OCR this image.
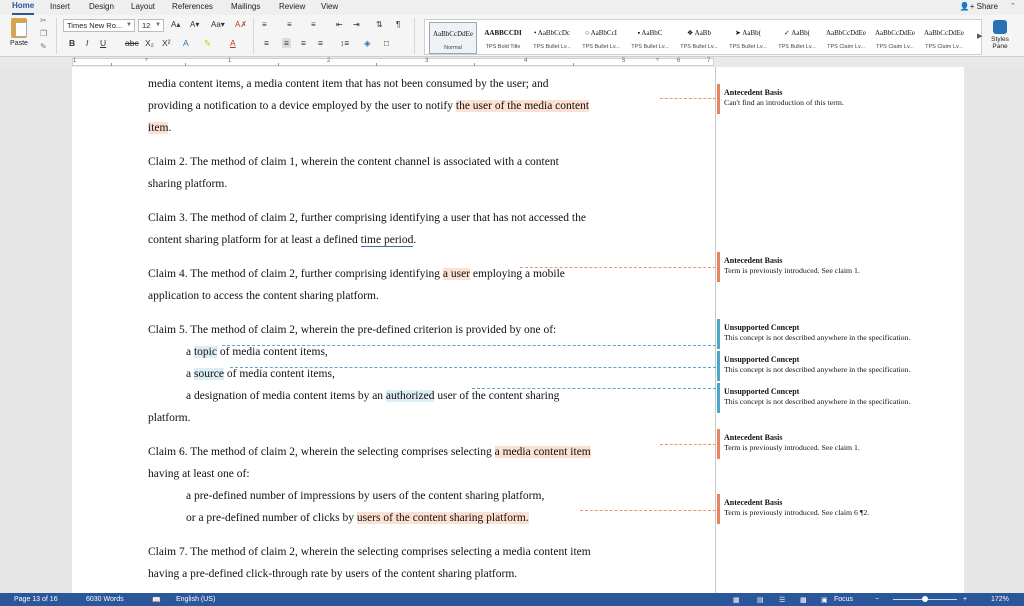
Home Insert Design Layout References Mailings Review View	👤+ Share ⌃
Paste
✂
❐
✎
Times New Ro... ▼	12 ▼ A▴ A▾ Aa▾ A✗
B I U abc X₂ X² A ✎ A
≡	≡ ≡	⇤ ⇥ ⇅ ¶
≡ ≡ ≡ ≡ ↕≡ ◈ □
AaBbCcDdEe
Normal
AABBCCDI
TPS Bold Title
• AaBbCcDc
TPS Bullet Lv...
○ AaBbCcI
TPS Bullet Lv...
▪ AaBbC
TPS Bullet Lv...
❖ AaBb
TPS Bullet Lv...
➤ AaBb(
TPS Bullet Lv...
✓ AaBb(
TPS Bullet Lv...
AaBbCcDdEe
TPS Claim Lv...
AaBbCcDdEe
TPS Claim Lv...
AaBbCcDdEe
TPS Claim Lv...
▶	Styles Pane
1	▿	1	2	3	4	5	6
▿	7
media content items, a media content item that has not been consumed by the user; and
providing a notification to a device employed by the user to notify the user of the media content
item.
Claim 2. The method of claim 1, wherein the content channel is associated with a content
sharing platform.
Claim 3. The method of claim 2, further comprising identifying a user that has not accessed the
content sharing platform for at least a defined time period.
Claim 4. The method of claim 2, further comprising identifying a user employing a mobile
application to access the content sharing platform.
Claim 5. The method of claim 2, wherein the pre-defined criterion is provided by one of:
a topic of media content items,
a source of media content items,
a designation of media content items by an authorized user of the content sharing
platform.
Claim 6. The method of claim 2, wherein the selecting comprises selecting a media content item
having at least one of:
a pre-defined number of impressions by users of the content sharing platform,
or a pre-defined number of clicks by users of the content sharing platform.
Claim 7. The method of claim 2, wherein the selecting comprises selecting a media content item
having a pre-defined click-through rate by users of the content sharing platform.
Antecedent Basis
Can't find an introduction of this term.
Antecedent Basis
Term is previously introduced. See claim 1.
Unsupported Concept
This concept is not described anywhere in the specification.
Unsupported Concept
This concept is not described anywhere in the specification.
Unsupported Concept
This concept is not described anywhere in the specification.
Antecedent Basis
Term is previously introduced. See claim 1.
Antecedent Basis
Term is previously introduced. See claim 6 ¶2.
Page 13 of 16	6030 Words	📖 English (US)	▦ ▤ ☰ ▩ ▣ Focus	−	+	172%
